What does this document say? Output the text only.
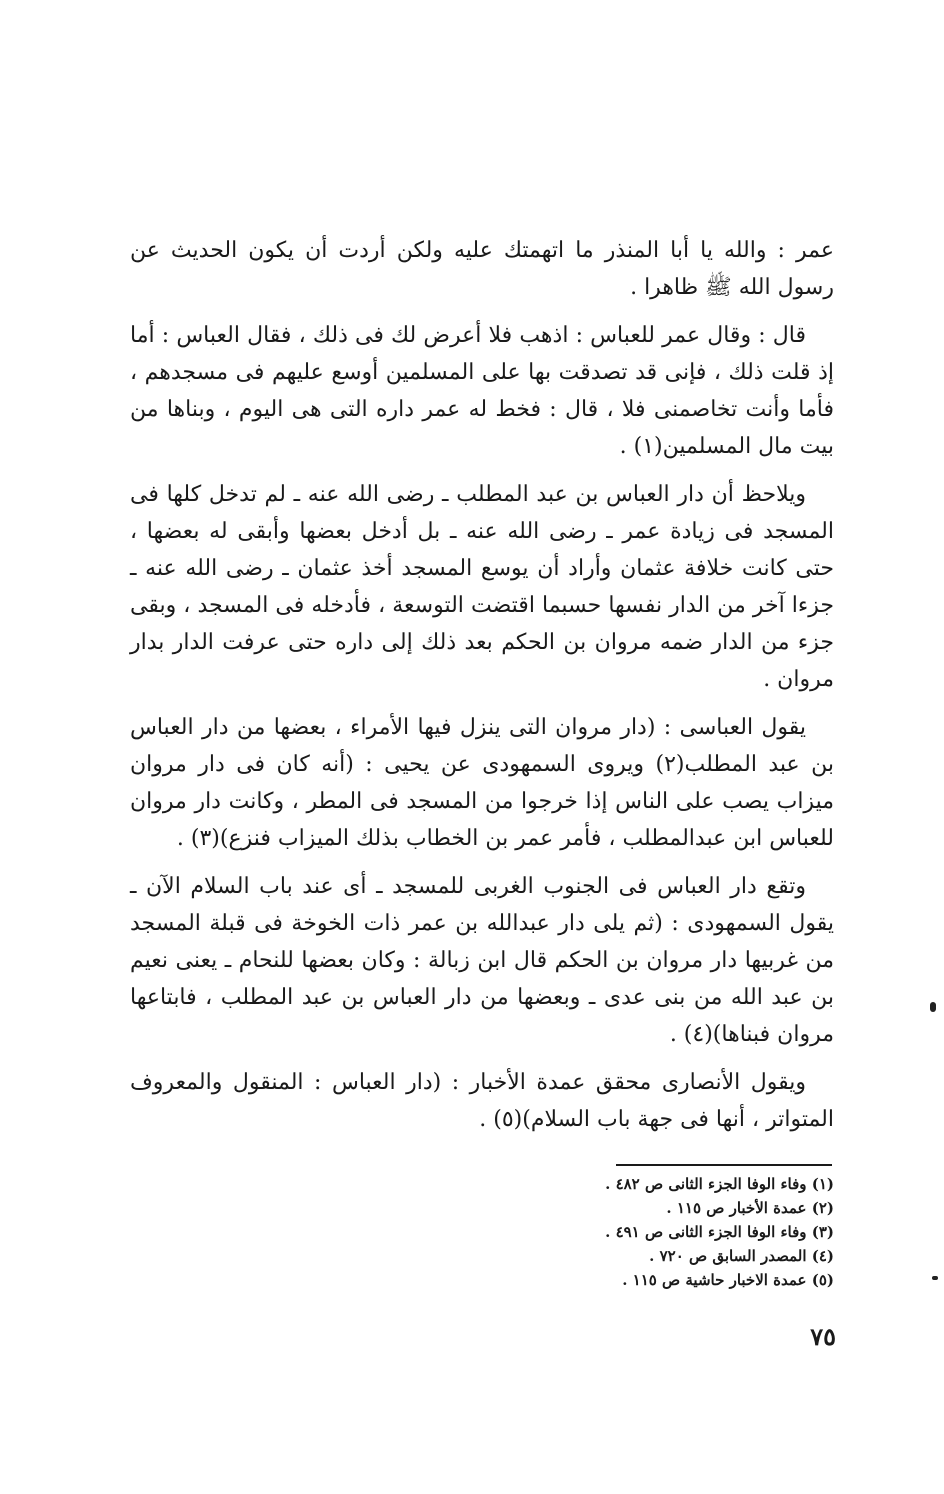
عمر : والله يا أبا المنذر ما اتهمتك عليه ولكن أردت أن يكون الحديث عن رسول الله ﷺ ظاهرا .

قال : وقال عمر للعباس : اذهب فلا أعرض لك فى ذلك ، فقال العباس : أما إذ قلت ذلك ، فإنى قد تصدقت بها على المسلمين أوسع عليهم فى مسجدهم ، فأما وأنت تخاصمنى فلا ، قال : فخط له عمر داره التى هى اليوم ، وبناها من بيت مال المسلمين(١) .

ويلاحظ أن دار العباس بن عبد المطلب ـ رضى الله عنه ـ لم تدخل كلها فى المسجد فى زيادة عمر ـ رضى الله عنه ـ بل أدخل بعضها وأبقى له بعضها ، حتى كانت خلافة عثمان وأراد أن يوسع المسجد أخذ عثمان ـ رضى الله عنه ـ جزءا آخر من الدار نفسها حسبما اقتضت التوسعة ، فأدخله فى المسجد ، وبقى جزء من الدار ضمه مروان بن الحكم بعد ذلك إلى داره حتى عرفت الدار بدار مروان .

يقول العباسى : (دار مروان التى ينزل فيها الأمراء ، بعضها من دار العباس بن عبد المطلب(٢) ويروى السمهودى عن يحيى : (أنه كان فى دار مروان ميزاب يصب على الناس إذا خرجوا من المسجد فى المطر ، وكانت دار مروان للعباس ابن عبدالمطلب ، فأمر عمر بن الخطاب بذلك الميزاب فنزع)(٣) .

وتقع دار العباس فى الجنوب الغربى للمسجد ـ أى عند باب السلام الآن ـ يقول السمهودى : (ثم يلى دار عبدالله بن عمر ذات الخوخة فى قبلة المسجد من غربيها دار مروان بن الحكم قال ابن زبالة : وكان بعضها للنحام ـ يعنى نعيم بن عبد الله من بنى عدى ـ وبعضها من دار العباس بن عبد المطلب ، فابتاعها مروان فبناها)(٤) .

ويقول الأنصارى محقق عمدة الأخبار : (دار العباس : المنقول والمعروف المتواتر ، أنها فى جهة باب السلام)(٥) .

(١) وفاء الوفا الجزء الثانى ص ٤٨٢ .

(٢) عمدة الأخبار ص ١١٥ .

(٣) وفاء الوفا الجزء الثانى ص ٤٩١ .

(٤) المصدر السابق ص ٧٢٠ .

(٥) عمدة الاخبار حاشية ص ١١٥ .

٧٥
